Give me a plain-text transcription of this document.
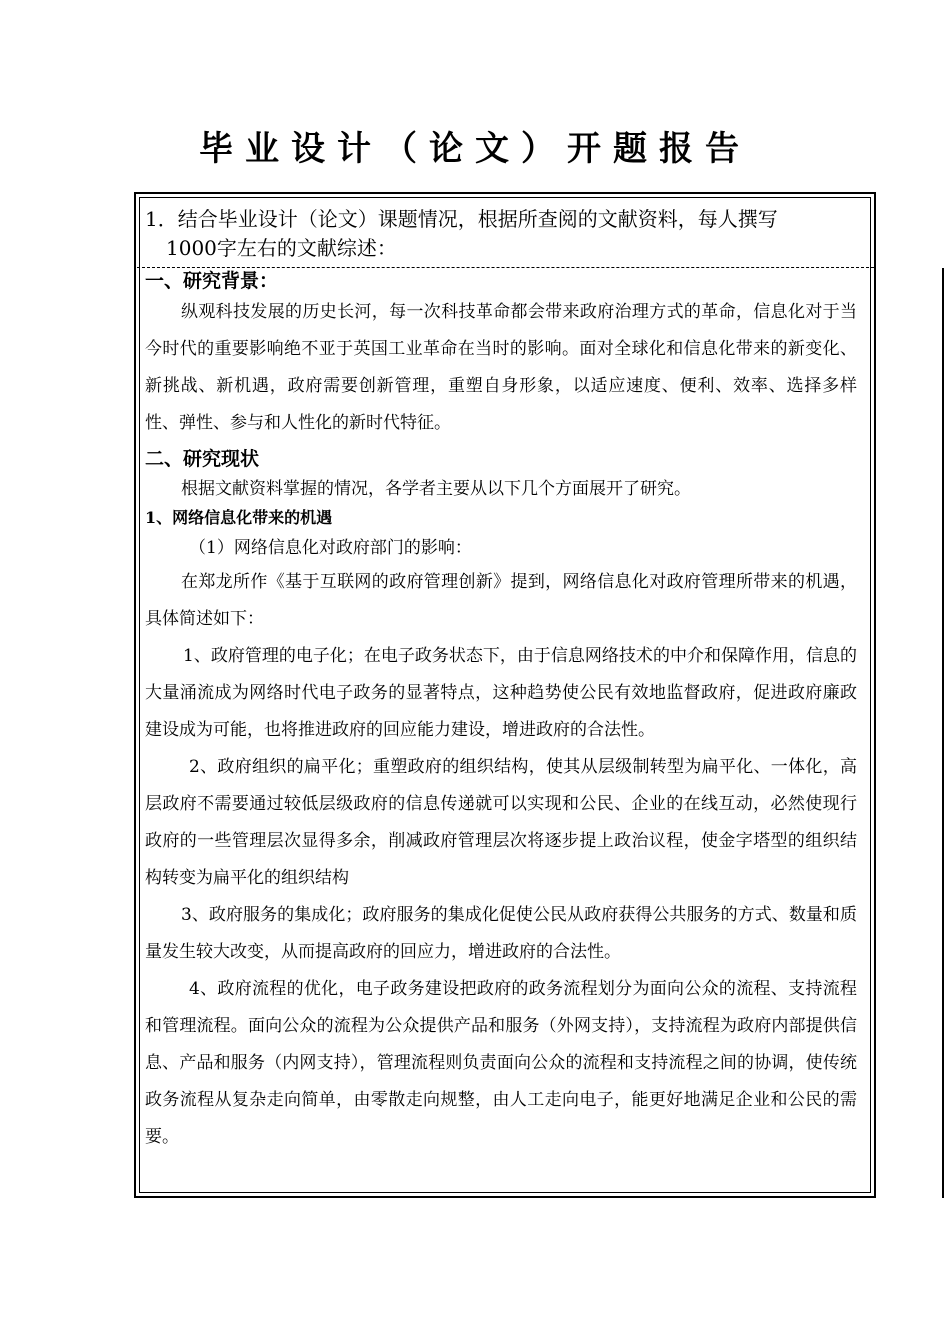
毕业设计（论文）开题报告
1．结合毕业设计（论文）课题情况，根据所查阅的文献资料，每人撰写
1000字左右的文献综述：
一、研究背景：

纵观科技发展的历史长河，每一次科技革命都会带来政府治理方式的革命，信息化对于当今时代的重要影响绝不亚于英国工业革命在当时的影响。面对全球化和信息化带来的新变化、新挑战、新机遇，政府需要创新管理，重塑自身形象，以适应速度、便利、效率、选择多样性、弹性、参与和人性化的新时代特征。

二、研究现状

根据文献资料掌握的情况，各学者主要从以下几个方面展开了研究。

1、网络信息化带来的机遇
（1）网络信息化对政府部门的影响：

在郑龙所作《基于互联网的政府管理创新》提到，网络信息化对政府管理所带来的机遇，具体简述如下：

1、政府管理的电子化；在电子政务状态下，由于信息网络技术的中介和保障作用，信息的大量涌流成为网络时代电子政务的显著特点，这种趋势使公民有效地监督政府，促进政府廉政建设成为可能，也将推进政府的回应能力建设，增进政府的合法性。

2、政府组织的扁平化；重塑政府的组织结构，使其从层级制转型为扁平化、一体化，高层政府不需要通过较低层级政府的信息传递就可以实现和公民、企业的在线互动，必然使现行政府的一些管理层次显得多余，削减政府管理层次将逐步提上政治议程，使金字塔型的组织结构转变为扁平化的组织结构

3、政府服务的集成化；政府服务的集成化促使公民从政府获得公共服务的方式、数量和质量发生较大改变，从而提高政府的回应力，增进政府的合法性。

4、政府流程的优化，电子政务建设把政府的政务流程划分为面向公众的流程、支持流程和管理流程。面向公众的流程为公众提供产品和服务（外网支持），支持流程为政府内部提供信息、产品和服务（内网支持），管理流程则负责面向公众的流程和支持流程之间的协调，使传统政务流程从复杂走向简单，由零散走向规整，由人工走向电子，能更好地满足企业和公民的需要。
